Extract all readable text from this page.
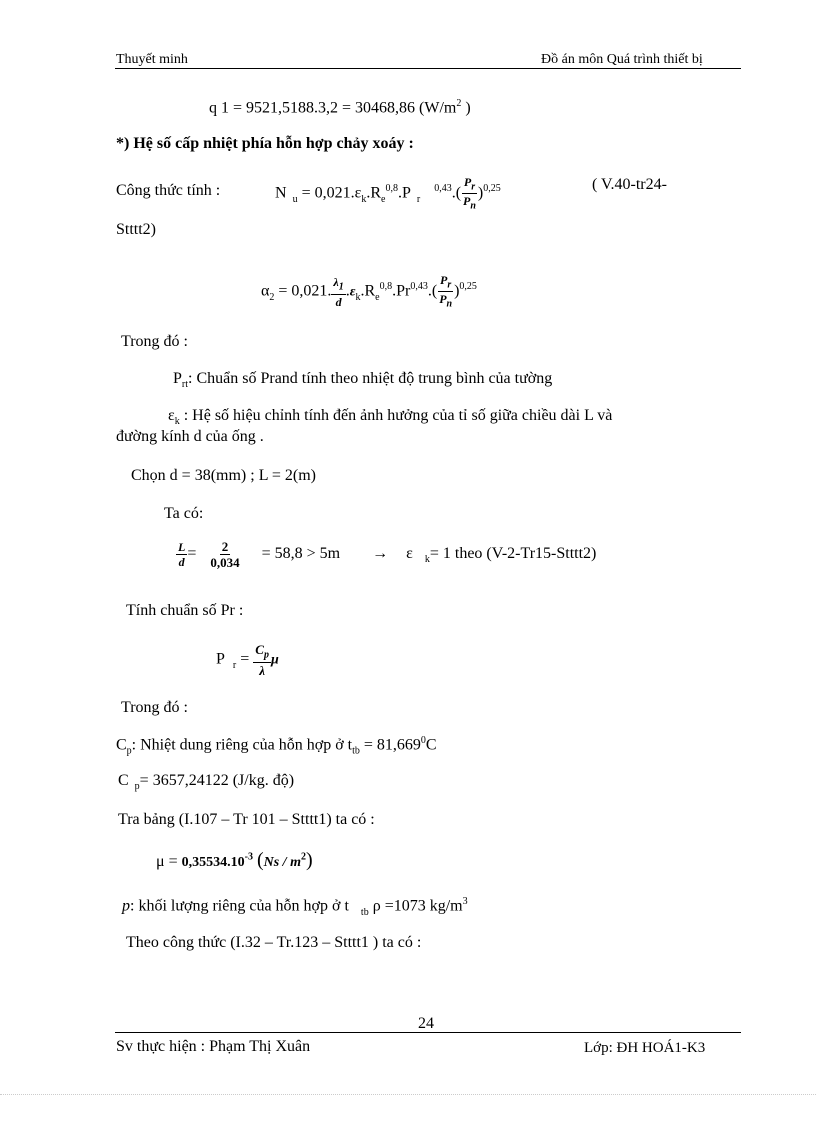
Thuyết minh	Đồ án môn Quá trình thiết bị
q 1 = 9521,5188.3,2 = 30468,86 ($W/m^2$ )
*) Hệ số cấp nhiệt phía hỗn hợp chảy xoáy :
Công thức tính :	N $_u = 0,021.\varepsilon_k.R_e^{0,8}.P$ $_r^{0,43}.( \frac{P_r}{P_n} )^{0,25}$	( V.40-tr24-
Stttt2)
$\alpha_2 = 0,021$. $\frac{\lambda_1}{d} .\varepsilon_k.R_e^{0,8}.Pr^{0,43}.( \frac{P_r}{P_n} )^{0,25}$
Trong đó :
$P_{rt}$: Chuẩn số Prand tính theo nhiệt độ trung bình của tường
$\varepsilon_k$ : Hệ số hiệu chỉnh tính đến ảnh hưởng của tỉ số giữa chiều dài L và
đường kính d của ống .
Chọn d = 38(mm) ; L = 2(m)
Ta có:
$\frac{L}{d} = \frac{2}{0,034} = 58,8 > 5m \to \varepsilon$ $_k$= 1 theo (V-2-Tr15-Stttt2)
Tính chuẩn số Pr :
P $_r = \frac{C_p}{\lambda}$ μ
Trong đó :
$C_p$: Nhiệt dung riêng của hỗn hợp ở $t_{tb} = 81,669^0C$
C $_p$= 3657,24122 (J/kg. độ)
Tra bảng (I.107 – Tr 101 – Stttt1) ta có :
$\mu = 0,35534.10^{-3}$ $(Ns / m^2)$
p: khối lượng riêng của hỗn hợp ở t $_{tb}$ ρ =1073 $kg/m^3$
Theo công thức (I.32 – Tr.123 – Stttt1 ) ta có :
24
Sv thực hiện : Phạm Thị Xuân	Lớp: ĐH HOÁ1-K3
